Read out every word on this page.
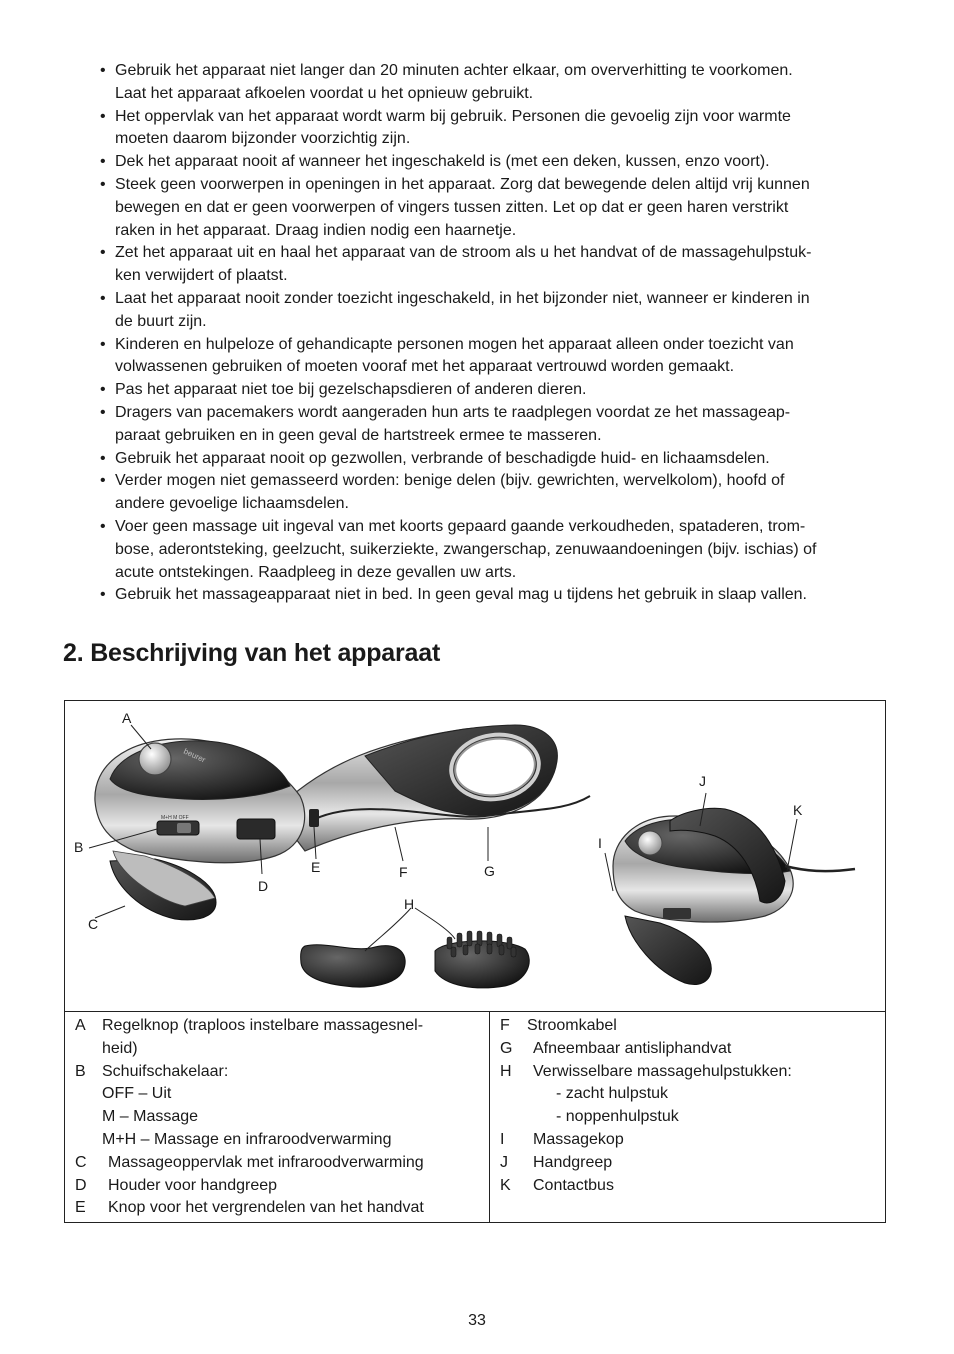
• Gebruik het apparaat niet langer dan 20 minuten achter elkaar, om oververhitting te voorkomen.
Laat het apparaat afkoelen voordat u het opnieuw gebruikt.
• Het oppervlak van het apparaat wordt warm bij gebruik. Personen die gevoelig zijn voor warmte
moeten daarom bijzonder voorzichtig zijn.
• Dek het apparaat nooit af wanneer het ingeschakeld is (met een deken, kussen, enzo voort).
• Steek geen voorwerpen in openingen in het apparaat. Zorg dat bewegende delen altijd vrij kunnen
bewegen en dat er geen voorwerpen of vingers tussen zitten. Let op dat er geen haren verstrikt
raken in het apparaat. Draag indien nodig een haarnetje.
• Zet het apparaat uit en haal het apparaat van de stroom als u het handvat of de massagehulpstuk-
ken verwijdert of plaatst.
• Laat het apparaat nooit zonder toezicht ingeschakeld, in het bijzonder niet, wanneer er kinderen in
de buurt zijn.
• Kinderen en hulpeloze of gehandicapte personen mogen het apparaat alleen onder toezicht van
volwassenen gebruiken of moeten vooraf met het apparaat vertrouwd worden gemaakt.
• Pas het apparaat niet toe bij gezelschapsdieren of anderen dieren.
• Dragers van pacemakers wordt aangeraden hun arts te raadplegen voordat ze het massageap-
paraat gebruiken en in geen geval de hartstreek ermee te masseren.
• Gebruik het apparaat nooit op gezwollen, verbrande of beschadigde huid- en lichaamsdelen.
• Verder mogen niet gemasseerd worden: benige delen (bijv. gewrichten, wervelkolom), hoofd of
andere gevoelige lichaamsdelen.
• Voer geen massage uit ingeval van met koorts gepaard gaande verkoudheden, spataderen, trom-
bose, aderontsteking, geelzucht, suikerziekte, zwangerschap, zenuwaandoeningen (bijv. ischias) of
acute ontstekingen. Raadpleeg in deze gevallen uw arts.
• Gebruik het massageapparaat niet in bed. In geen geval mag u tijdens het gebruik in slaap vallen.
2. Beschrijving van het apparaat
beurer
M+H M OFF
A
B
C
D
E	F	G
H
I
J
K
A Regelknop (traploos instelbare massagesnel-
heid)
B Schuifschakelaar:
OFF – Uit
M – Massage
M+H – Massage en infraroodverwarming
C Massageoppervlak met infraroodverwarming
D Houder voor handgreep
E Knop voor het vergrendelen van het handvat
F Stroomkabel
G Afneembaar antisliphandvat
H Verwisselbare massagehulpstukken:
- zacht hulpstuk
- noppenhulpstuk
I Massagekop
J Handgreep
K Contactbus
33
